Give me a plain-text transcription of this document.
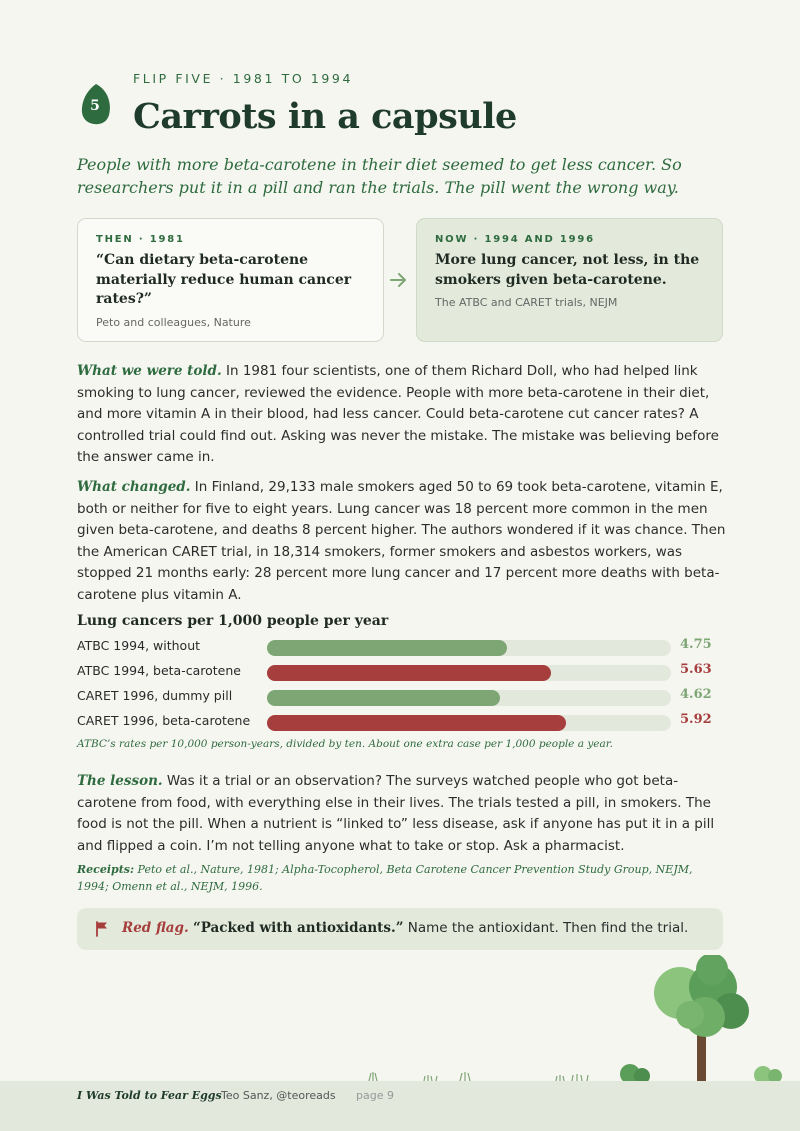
5
FLIP FIVE · 1981 TO 1994
Carrots in a capsule
People with more beta-carotene in their diet seemed to get less cancer. So researchers put it in a pill and ran the trials. The pill went the wrong way.
THEN · 1981
“Can dietary beta-carotene materially reduce human cancer rates?”
Peto and colleagues, Nature
NOW · 1994 AND 1996
More lung cancer, not less, in the smokers given beta-carotene.
The ATBC and CARET trials, NEJM
What we were told. In 1981 four scientists, one of them Richard Doll, who had helped link smoking to lung cancer, reviewed the evidence. People with more beta-carotene in their diet, and more vitamin A in their blood, had less cancer. Could beta-carotene cut cancer rates? A controlled trial could find out. Asking was never the mistake. The mistake was believing before the answer came in.
What changed. In Finland, 29,133 male smokers aged 50 to 69 took beta-carotene, vitamin E, both or neither for five to eight years. Lung cancer was 18 percent more common in the men given beta-carotene, and deaths 8 percent higher. The authors wondered if it was chance. Then the American CARET trial, in 18,314 smokers, former smokers and asbestos workers, was stopped 21 months early: 28 percent more lung cancer and 17 percent more deaths with beta-carotene plus vitamin A.
Lung cancers per 1,000 people per year
ATBC 1994, without	4.75
ATBC 1994, beta-carotene	5.63
CARET 1996, dummy pill	4.62
CARET 1996, beta-carotene	5.92
ATBC’s rates per 10,000 person-years, divided by ten. About one extra case per 1,000 people a year.
The lesson. Was it a trial or an observation? The surveys watched people who got beta-carotene from food, with everything else in their lives. The trials tested a pill, in smokers. The food is not the pill. When a nutrient is “linked to” less disease, ask if anyone has put it in a pill and flipped a coin. I’m not telling anyone what to take or stop. Ask a pharmacist.
Receipts: Peto et al., Nature, 1981; Alpha-Tocopherol, Beta Carotene Cancer Prevention Study Group, NEJM, 1994; Omenn et al., NEJM, 1996.
Red flag. “Packed with antioxidants.” Name the antioxidant. Then find the trial.
I Was Told to Fear Eggs Teo Sanz, @teoreads page 9
